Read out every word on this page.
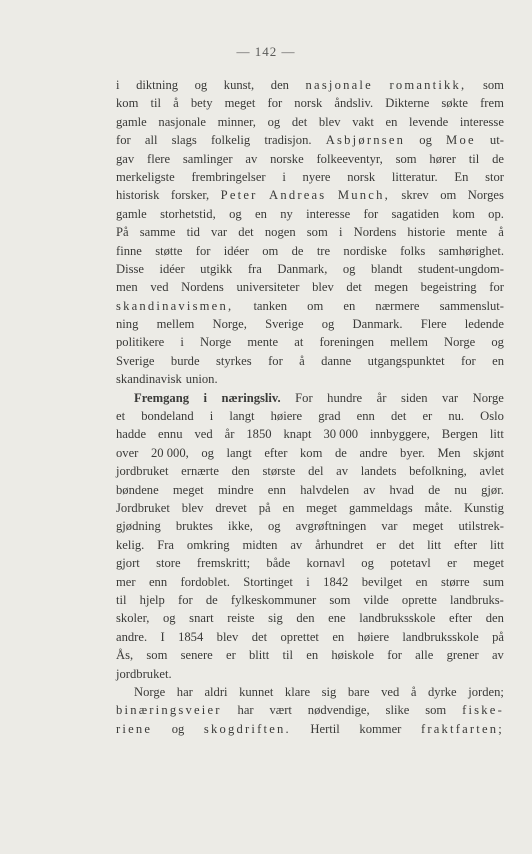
— 142 —
i diktning og kunst, den nasjonale romantikk, som
kom til å bety meget for norsk åndsliv. Dikterne søkte frem
gamle nasjonale minner, og det blev vakt en levende interesse
for all slags folkelig tradisjon. Asbjørnsen og Moe ut-
gav flere samlinger av norske folkeeventyr, som hører til de
merkeligste frembringelser i nyere norsk litteratur. En stor
historisk forsker, Peter Andreas Munch, skrev om Norges
gamle storhetstid, og en ny interesse for sagatiden kom op.
På samme tid var det nogen som i Nordens historie mente å
finne støtte for idéer om de tre nordiske folks samhørighet.
Disse idéer utgikk fra Danmark, og blandt student-ungdom-
men ved Nordens universiteter blev det megen begeistring for
skandinavismen, tanken om en nærmere sammenslut-
ning mellem Norge, Sverige og Danmark. Flere ledende
politikere i Norge mente at foreningen mellem Norge og
Sverige burde styrkes for å danne utgangspunktet for en
skandinavisk union.
Fremgang i næringsliv. For hundre år siden var Norge
et bondeland i langt høiere grad enn det er nu. Oslo
hadde ennu ved år 1850 knapt 30 000 innbyggere, Bergen litt
over 20 000, og langt efter kom de andre byer. Men skjønt
jordbruket ernærte den største del av landets befolkning, avlet
bøndene meget mindre enn halvdelen av hvad de nu gjør.
Jordbruket blev drevet på en meget gammeldags måte. Kunstig
gjødning bruktes ikke, og avgrøftningen var meget utilstrek-
kelig. Fra omkring midten av århundret er det litt efter litt
gjort store fremskritt; både kornavl og potetavl er meget
mer enn fordoblet. Stortinget i 1842 bevilget en større sum
til hjelp for de fylkeskommuner som vilde oprette landbruks-
skoler, og snart reiste sig den ene landbruksskole efter den
andre. I 1854 blev det oprettet en høiere landbruksskole på
Ås, som senere er blitt til en høiskole for alle grener av
jordbruket.
Norge har aldri kunnet klare sig bare ved å dyrke jorden;
binæringsveier har vært nødvendige, slike som fiske-
riene og skogdriften. Hertil kommer fraktfarten;
